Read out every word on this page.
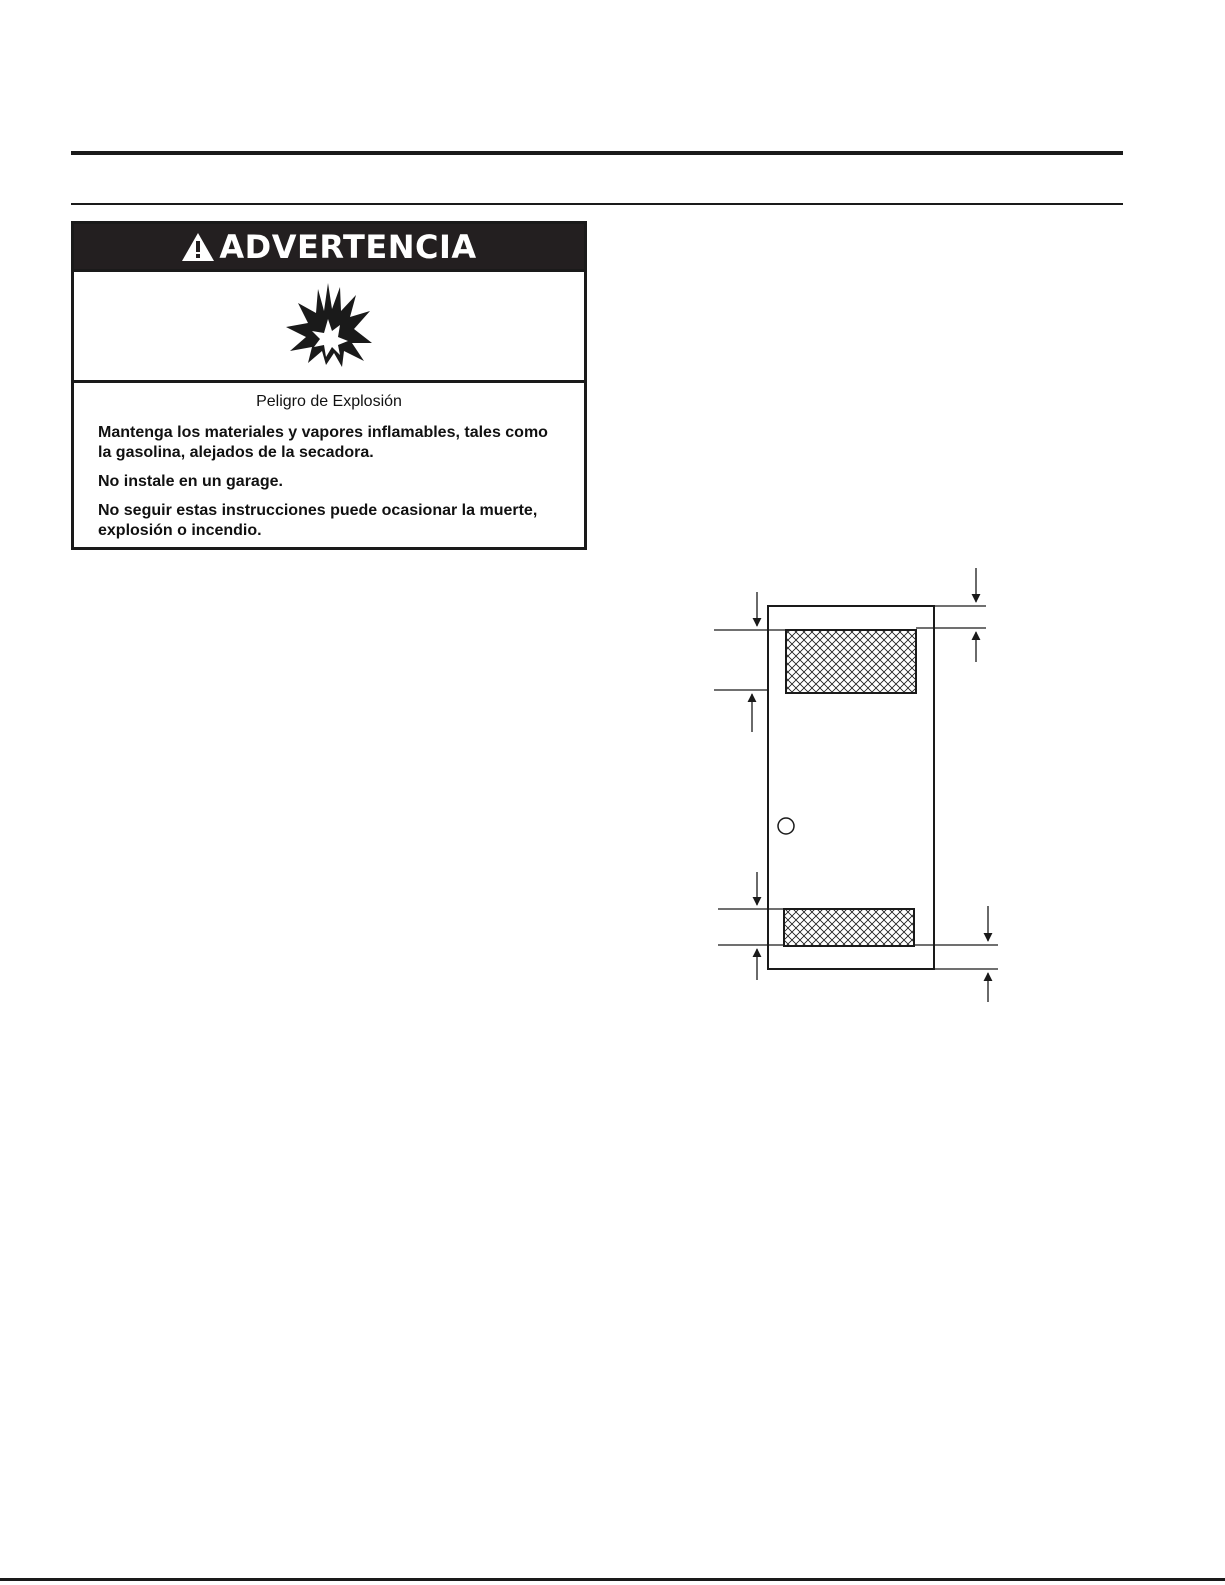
ADVERTENCIA
Peligro de Explosión

Mantenga los materiales y vapores inflamables, tales como la gasolina, alejados de la secadora.

No instale en un garage.

No seguir estas instrucciones puede ocasionar la muerte, explosión o incendio.
